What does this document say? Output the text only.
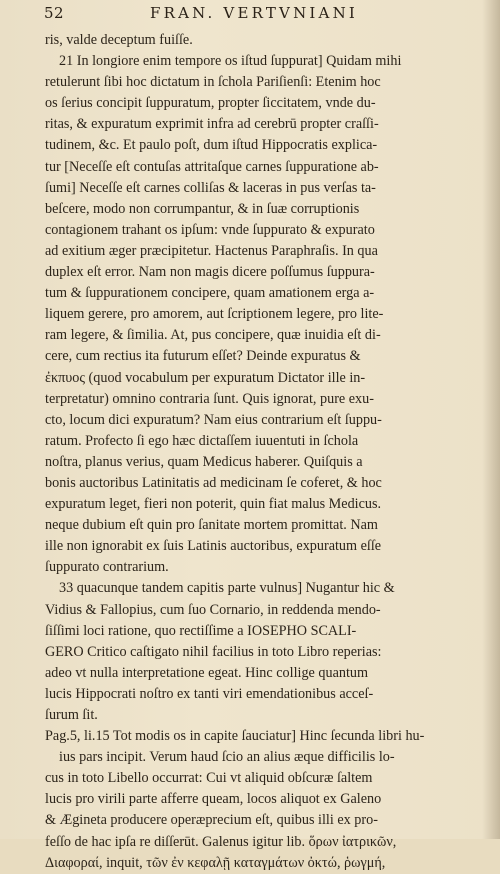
52	FRAN. VERTVNIANI
ris, valde deceptum fuiſſe.
21 In longiore enim tempore os iſtud ſuppurat] Quidam mihi
retulerunt ſibi hoc dictatum in ſchola Pariſienſi: Etenim hoc
os ſerius concipit ſuppuratum, propter ſiccitatem, vnde du-
ritas, & expuratum exprimit infra ad cerebrū propter craſſi-
tudinem, &c. Et paulo poſt, dum iſtud Hippocratis explica-
tur [Neceſſe eſt contuſas attritaſque carnes ſuppuratione ab-
ſumi] Neceſſe eſt carnes colliſas & laceras in pus verſas ta-
beſcere, modo non corrumpantur, & in ſuæ corruptionis
contagionem trahant os ipſum: vnde ſuppurato & expurato
ad exitium æger præcipitetur. Hactenus Paraphraſis. In qua
duplex eſt error. Nam non magis dicere poſſumus ſuppura-
tum & ſuppurationem concipere, quam amationem erga a-
liquem gerere, pro amorem, aut ſcriptionem legere, pro lite-
ram legere, & ſimilia. At, pus concipere, quæ inuidia eſt di-
cere, cum rectius ita futurum eſſet? Deinde expuratus &
ἐκπυος (quod vocabulum per expuratum Dictator ille in-
terpretatur) omnino contraria ſunt. Quis ignorat, pure exu-
cto, locum dici expuratum? Nam eius contrarium eſt ſuppu-
ratum. Profecto ſi ego hæc dictaſſem iuuentuti in ſchola
noſtra, planus verius, quam Medicus haberer. Quiſquis a
bonis auctoribus Latinitatis ad medicinam ſe coferet, & hoc
expuratum leget, fieri non poterit, quin fiat malus Medicus.
neque dubium eſt quin pro ſanitate mortem promittat. Nam
ille non ignorabit ex ſuis Latinis auctoribus, expuratum eſſe
ſuppurato contrarium.
33 quacunque tandem capitis parte vulnus] Nugantur hic &
Vidius & Fallopius, cum ſuo Cornario, in reddenda mendo-
ſiſſimi loci ratione, quo rectiſſime a IOSEPHO SCALI-
GERO Critico caſtigato nihil facilius in toto Libro reperias:
adeo vt nulla interpretatione egeat. Hinc collige quantum
lucis Hippocrati noſtro ex tanti viri emendationibus acceſ-
ſurum ſit.
Pag.5, li.15 Tot modis os in capite ſauciatur] Hinc ſecunda libri hu-
ius pars incipit. Verum haud ſcio an alius æque difficilis lo-
cus in toto Libello occurrat: Cui vt aliquid obſcuræ ſaltem
lucis pro virili parte afferre queam, locos aliquot ex Galeno
& Ægineta producere operæprecium eſt, quibus illi ex pro-
feſſo de hac ipſa re diſſerūt. Galenus igitur lib. ὅρων ἰατρικῶν,
Διαφοραί, inquit, τῶν ἐν κεφαλῇ καταγμάτων ὀκτώ, ῥωγμή,
